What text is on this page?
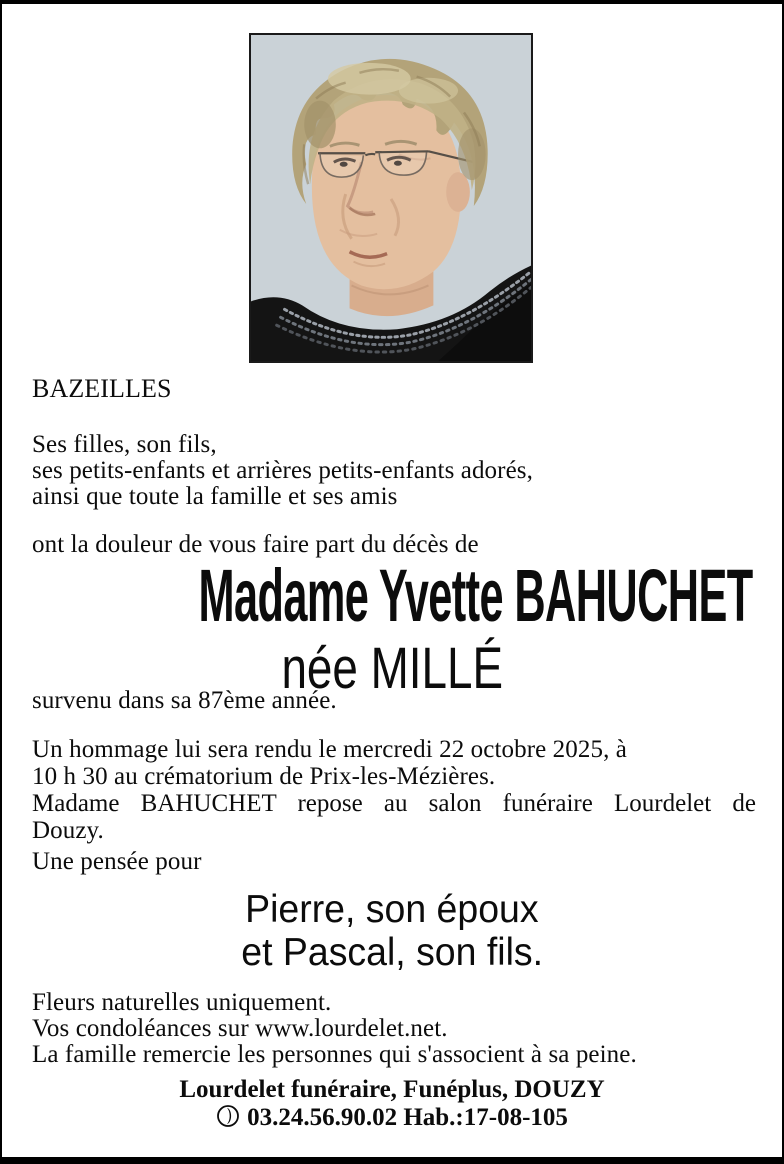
BAZEILLES
Ses filles, son fils,
ses petits-enfants et arrières petits-enfants adorés,
ainsi que toute la famille et ses amis
ont la douleur de vous faire part du décès de
Madame Yvette BAHUCHET
née MILLÉ
survenu dans sa 87ème année.
Un hommage lui sera rendu le mercredi 22 octobre 2025, à
10 h 30 au crématorium de Prix-les-Mézières.
Madame BAHUCHET repose au salon funéraire Lourdelet de
Douzy.
Une pensée pour
Pierre, son époux
et Pascal, son fils.
Fleurs naturelles uniquement.
Vos condoléances sur www.lourdelet.net.
La famille remercie les personnes qui s'associent à sa peine.
Lourdelet funéraire, Funéplus, DOUZY
03.24.56.90.02 Hab.:17-08-105
